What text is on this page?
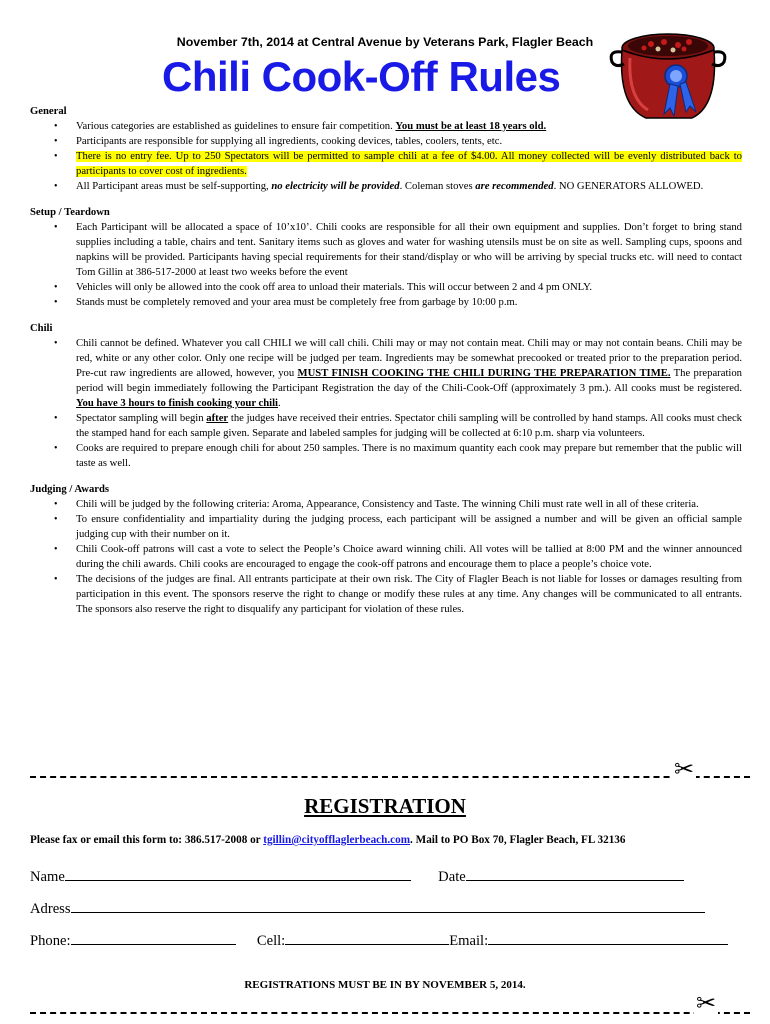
November 7th, 2014 at Central Avenue by Veterans Park, Flagler Beach
Chili Cook-Off Rules

General

• Various categories are established as guidelines to ensure fair competition. You must be at least 18 years old.
• Participants are responsible for supplying all ingredients, cooking devices, tables, coolers, tents, etc.
• There is no entry fee. Up to 250 Spectators will be permitted to sample chili at a fee of $4.00. All money collected will be evenly distributed back to participants to cover cost of ingredients.
• All Participant areas must be self-supporting, no electricity will be provided. Coleman stoves are recommended. NO GENERATORS ALLOWED.

Setup / Teardown

• Each Participant will be allocated a space of 10’x10’. Chili cooks are responsible for all their own equipment and supplies. Don’t forget to bring stand supplies including a table, chairs and tent. Sanitary items such as gloves and water for washing utensils must be on site as well. Sampling cups, spoons and napkins will be provided. Participants having special requirements for their stand/display or who will be arriving by special trucks etc. will need to contact Tom Gillin at 386-517-2000 at least two weeks before the event
• Vehicles will only be allowed into the cook off area to unload their materials. This will occur between 2 and 4 pm ONLY.
• Stands must be completely removed and your area must be completely free from garbage by 10:00 p.m.

Chili

• Chili cannot be defined. Whatever you call CHILI we will call chili. Chili may or may not contain meat. Chili may or may not contain beans. Chili may be red, white or any other color. Only one recipe will be judged per team. Ingredients may be somewhat precooked or treated prior to the preparation period. Pre-cut raw ingredients are allowed, however, you MUST FINISH COOKING THE CHILI DURING THE PREPARATION TIME. The preparation period will begin immediately following the Participant Registration the day of the Chili-Cook-Off (approximately 3 pm.). All cooks must be registered. You have 3 hours to finish cooking your chili.
• Spectator sampling will begin after the judges have received their entries. Spectator chili sampling will be controlled by hand stamps. All cooks must check the stamped hand for each sample given. Separate and labeled samples for judging will be collected at 6:10 p.m. sharp via volunteers.
• Cooks are required to prepare enough chili for about 250 samples. There is no maximum quantity each cook may prepare but remember that the public will taste as well.

Judging / Awards

• Chili will be judged by the following criteria: Aroma, Appearance, Consistency and Taste. The winning Chili must rate well in all of these criteria.
• To ensure confidentiality and impartiality during the judging process, each participant will be assigned a number and will be given an official sample judging cup with their number on it.
• Chili Cook-off patrons will cast a vote to select the People’s Choice award winning chili. All votes will be tallied at 8:00 PM and the winner announced during the chili awards. Chili cooks are encouraged to engage the cook-off patrons and encourage them to place a people’s choice vote.
• The decisions of the judges are final. All entrants participate at their own risk. The City of Flagler Beach is not liable for losses or damages resulting from participation in this event. The sponsors reserve the right to change or modify these rules at any time. Any changes will be communicated to all entrants. The sponsors also reserve the right to disqualify any participant for violation of these rules.
✂
REGISTRATION
Please fax or email this form to: 386.517-2008 or tgillin@cityofflaglerbeach.com. Mail to PO Box 70, Flagler Beach, FL 32136
Name	Date
Adress
Phone:	Cell:	Email:
REGISTRATIONS MUST BE IN BY NOVEMBER 5, 2014.
✂
